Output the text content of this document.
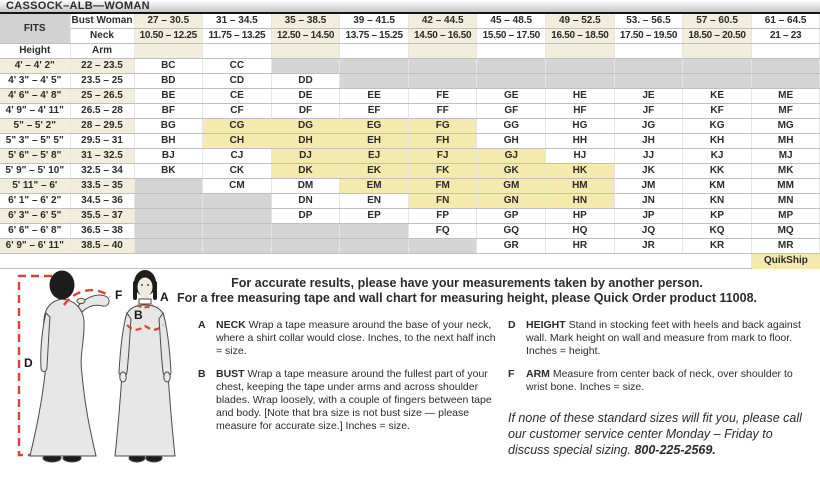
CASSOCK–ALB—WOMAN
FITS	Bust Woman	27 – 30.5	31 – 34.5	35 – 38.5	39 – 41.5	42 – 44.5	45 – 48.5	49 – 52.5	53. – 56.5	57 – 60.5	61 – 64.5
	Neck	10.50 – 12.25	11.75 – 13.25	12.50 – 14.50	13.75 – 15.25	14.50 – 16.50	15.50 – 17.50	16.50 – 18.50	17.50 – 19.50	18.50 – 20.50	21 – 23
Height	Arm										
4' – 4' 2"	22 – 23.5	BC	CC								
4' 3" – 4' 5"	23.5 – 25	BD	CD	DD							
4' 6" – 4' 8"	25 – 26.5	BE	CE	DE	EE	FE	GE	HE	JE	KE	ME
4' 9" – 4' 11"	26.5 – 28	BF	CF	DF	EF	FF	GF	HF	JF	KF	MF
5" – 5' 2"	28 – 29.5	BG	CG	DG	EG	FG	GG	HG	JG	KG	MG
5" 3" – 5" 5"	29.5 – 31	BH	CH	DH	EH	FH	GH	HH	JH	KH	MH
5' 6" – 5' 8"	31 – 32.5	BJ	CJ	DJ	EJ	FJ	GJ	HJ	JJ	KJ	MJ
5' 9" – 5' 10"	32.5 – 34	BK	CK	DK	EK	FK	GK	HK	JK	KK	MK
5' 11" – 6'	33.5 – 35		CM	DM	EM	FM	GM	HM	JM	KM	MM
6' 1" – 6' 2"	34.5 – 36			DN	EN	FN	GN	HN	JN	KN	MN
6' 3" – 6' 5"	35.5 – 37			DP	EP	FP	GP	HP	JP	KP	MP
6' 6" – 6' 8"	36.5 – 38					FQ	GQ	HQ	JQ	KQ	MQ
6' 9" – 6' 11"	38.5 – 40						GR	HR	JR	KR	MR
											QuikShip
D
F	A
B
For accurate results, please have your measurements taken by another person.
For a free measuring tape and wall chart for measuring height, please Quick Order product 11008.
A NECK Wrap a tape measure around the base of your neck, where a shirt collar would close. Inches, to the next half inch = size.
B BUST Wrap a tape measure around the fullest part of your chest, keeping the tape under arms and across shoulder blades. Wrap loosely, with a couple of fingers between tape and body. [Note that bra size is not bust size — please measure for accurate size.] Inches = size.
D HEIGHT Stand in stocking feet with heels and back against wall. Mark height on wall and measure from mark to floor. Inches = height.
F	ARM Measure from center back of neck, over shoulder to wrist bone. Inches = size.
If none of these standard sizes will fit you, please call our customer service center Monday – Friday to discuss special sizing. 800-225-2569.
